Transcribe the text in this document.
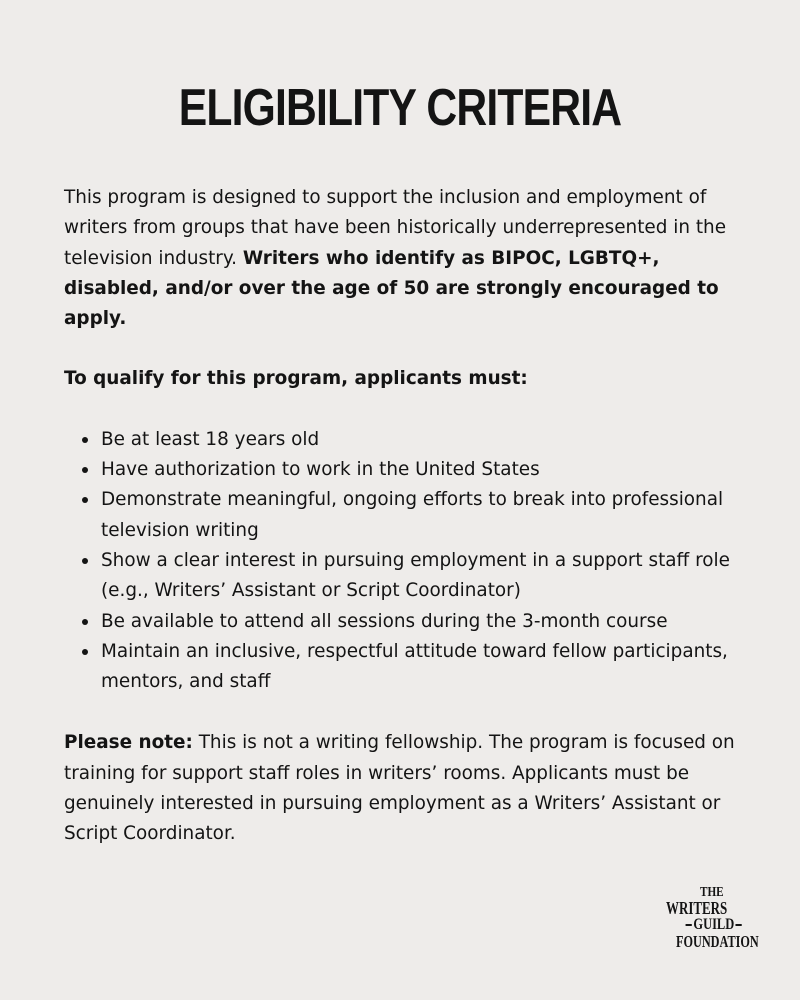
ELIGIBILITY CRITERIA

This program is designed to support the inclusion and employment of writers from groups that have been historically underrepresented in the television industry. Writers who identify as BIPOC, LGBTQ+, disabled, and/or over the age of 50 are strongly encouraged to apply.

To qualify for this program, applicants must:

Be at least 18 years old
Have authorization to work in the United States
Demonstrate meaningful, ongoing efforts to break into professional television writing
Show a clear interest in pursuing employment in a support staff role (e.g., Writers’ Assistant or Script Coordinator)
Be available to attend all sessions during the 3-month course
Maintain an inclusive, respectful attitude toward fellow participants, mentors, and staff

Please note: This is not a writing fellowship. The program is focused on training for support staff roles in writers’ rooms. Applicants must be genuinely interested in pursuing employment as a Writers’ Assistant or Script Coordinator.

THE
WRITERS
GUILD
FOUNDATION
